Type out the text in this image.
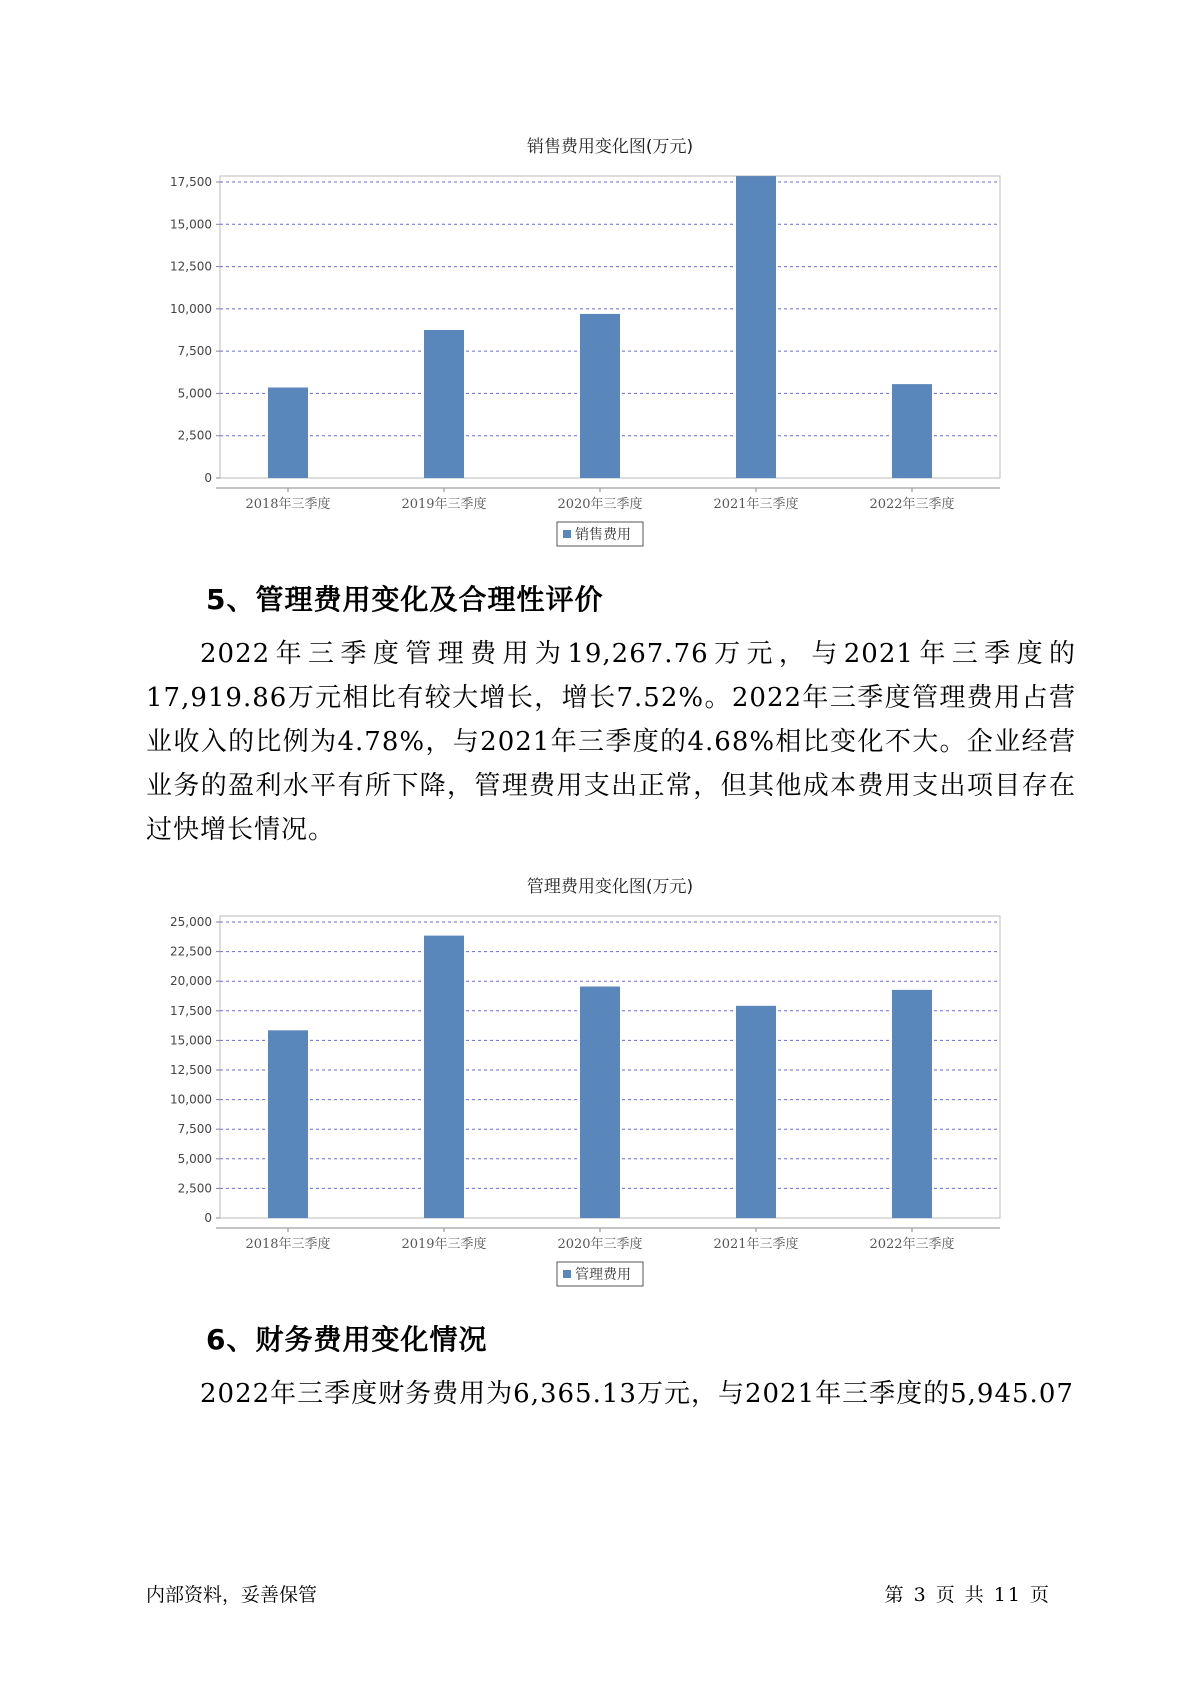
销售费用变化图(万元)
0
2,500
5,000
7,500
10,000
12,500
15,000
17,500
2018年三季度	2019年三季度	2020年三季度	2021年三季度	2022年三季度
销售费用
5、管理费用变化及合理性评价

2022年三季度管理费用为19,267.76万元，与2021年三季度的17,919.86万元相比有较大增长，增长7.52%。2022年三季度管理费用占营业收入的比例为4.78%，与2021年三季度的4.68%相比变化不大。企业经营业务的盈利水平有所下降，管理费用支出正常，但其他成本费用支出项目存在过快增长情况。

管理费用变化图(万元)
0
2,500
5,000
7,500
10,000
12,500
15,000
17,500
20,000
22,500
25,000
2018年三季度	2019年三季度	2020年三季度	2021年三季度	2022年三季度
管理费用
6、财务费用变化情况

2022年三季度财务费用为6,365.13万元，与2021年三季度的5,945.07

内部资料，妥善保管	第 3 页 共 11 页
